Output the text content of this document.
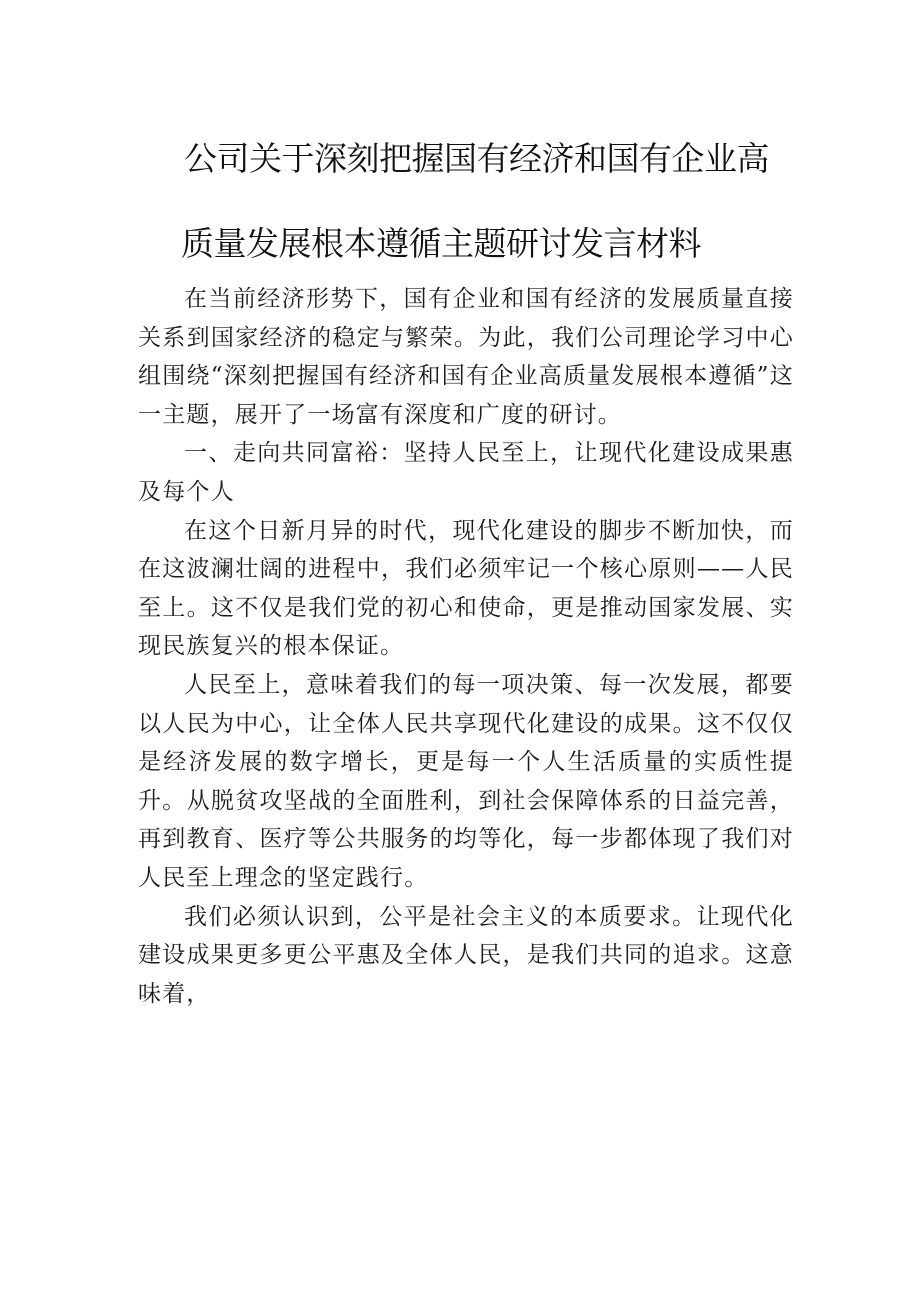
公司关于深刻把握国有经济和国有企业高
质量发展根本遵循主题研讨发言材料

在当前经济形势下，国有企业和国有经济的发展质量直接关系到国家经济的稳定与繁荣。为此，我们公司理论学习中心组围绕“深刻把握国有经济和国有企业高质量发展根本遵循”这一主题，展开了一场富有深度和广度的研讨。

一、走向共同富裕：坚持人民至上，让现代化建设成果惠及每个人

在这个日新月异的时代，现代化建设的脚步不断加快，而在这波澜壮阔的进程中，我们必须牢记一个核心原则——人民至上。这不仅是我们党的初心和使命，更是推动国家发展、实现民族复兴的根本保证。

人民至上，意味着我们的每一项决策、每一次发展，都要以人民为中心，让全体人民共享现代化建设的成果。这不仅仅是经济发展的数字增长，更是每一个人生活质量的实质性提升。从脱贫攻坚战的全面胜利，到社会保障体系的日益完善，再到教育、医疗等公共服务的均等化，每一步都体现了我们对人民至上理念的坚定践行。

我们必须认识到，公平是社会主义的本质要求。让现代化建设成果更多更公平惠及全体人民，是我们共同的追求。这意味着，
